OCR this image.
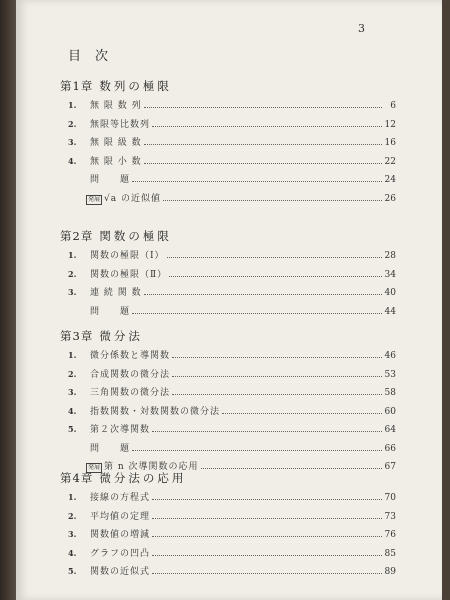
3
目次
第1章 数列の極限
1.	無 限 数 列	6
2.	無限等比数列	12
3.	無 限 級 数	16
4.	無 限 小 数	22
問　　題	24
発展 √a の近似値	26
第2章 関数の極限
1.	関数の極限（Ⅰ）	28
2.	関数の極限（Ⅱ）	34
3.	連 続 関 数	40
問　　題	44
第3章 微分法
1.	微分係数と導関数	46
2.	合成関数の微分法	53
3.	三角関数の微分法	58
4.	指数関数・対数関数の微分法	60
5.	第２次導関数	64
問　　題	66
発展 第 n 次導関数の応用	67
第4章 微分法の応用
1.	接線の方程式	70
2.	平均値の定理	73
3.	関数値の増減	76
4.	グラフの凹凸	85
5.	関数の近似式	89
